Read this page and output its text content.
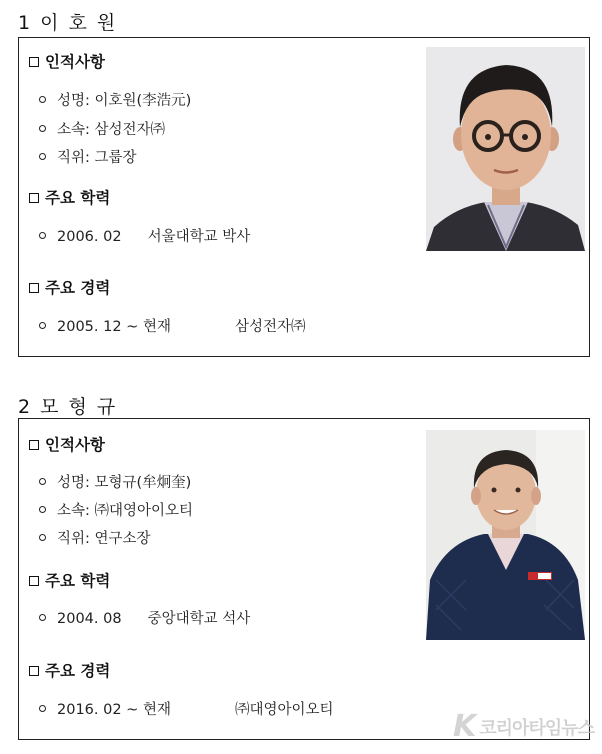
1 이 호 원
인적사항
성명: 이호원(李浩元)
소속: 삼성전자㈜
직위: 그룹장
주요 학력
2006. 02 서울대학교 박사
주요 경력
2005. 12 ~ 현재	삼성전자㈜
2 모 형 규
인적사항
성명: 모형규(牟炯奎)
소속: ㈜대영아이오티
직위: 연구소장
주요 학력
2004. 08 중앙대학교 석사
주요 경력
2016. 02 ~ 현재	㈜대영아이오티	K 코리아타임뉴스
